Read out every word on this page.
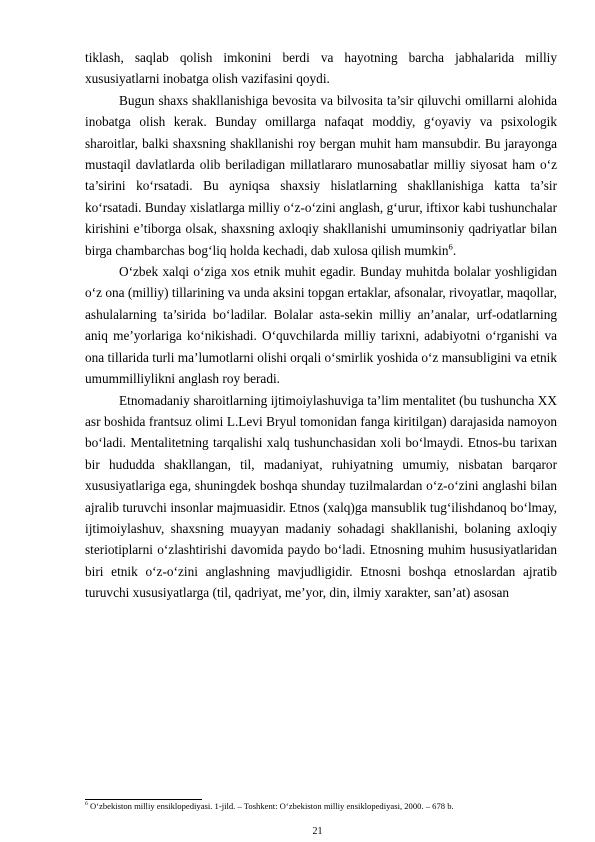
tiklash, saqlab qolish imkonini berdi va hayotning barcha jabhalarida milliy xususiyatlarni inobatga olish vazifasini qoydi.

Bugun shaxs shakllanishiga bevosita va bilvosita ta’sir qiluvchi omillarni alohida inobatga olish kerak. Bunday omillarga nafaqat moddiy, g‘oyaviy va psixologik sharoitlar, balki shaxsning shakllanishi roy bergan muhit ham mansubdir. Bu jarayonga mustaqil davlatlarda olib beriladigan millatlararo munosabatlar milliy siyosat ham o‘z ta’sirini ko‘rsatadi. Bu ayniqsa shaxsiy hislatlarning shakllanishiga katta ta’sir ko‘rsatadi. Bunday xislatlarga milliy o‘z-o‘zini anglash, g‘urur, iftixor kabi tushunchalar kirishini e’tiborga olsak, shaxsning axloqiy shakllanishi umuminsoniy qadriyatlar bilan birga chambarchas bog‘liq holda kechadi, dab xulosa qilish mumkin$^6$.

O‘zbek xalqi o‘ziga xos etnik muhit egadir. Bunday muhitda bolalar yoshligidan o‘z ona (milliy) tillarining va unda aksini topgan ertaklar, afsonalar, rivoyatlar, maqollar, ashulalarning ta’sirida bo‘ladilar. Bolalar asta-sekin milliy an’analar, urf-odatlarning aniq me’yorlariga ko‘nikishadi. O‘quvchilarda milliy tarixni, adabiyotni o‘rganishi va ona tillarida turli ma’lumotlarni olishi orqali o‘smirlik yoshida o‘z mansubligini va etnik umummilliylikni anglash roy beradi.

Etnomadaniy sharoitlarning ijtimoiylashuviga ta’lim mentalitet (bu tushuncha XX asr boshida frantsuz olimi L.Levi Bryul tomonidan fanga kiritilgan) darajasida namoyon bo‘ladi. Mentalitetning tarqalishi xalq tushunchasidan xoli bo‘lmaydi. Etnos-bu tarixan bir hududda shakllangan, til, madaniyat, ruhiyatning umumiy, nisbatan barqaror xususiyatlariga ega, shuningdek boshqa shunday tuzilmalardan o‘z-o‘zini anglashi bilan ajralib turuvchi insonlar majmuasidir. Etnos (xalq)ga mansublik tug‘ilishdanoq bo‘lmay, ijtimoiylashuv, shaxsning muayyan madaniy sohadagi shakllanishi, bolaning axloqiy steriotiplarni o‘zlashtirishi davomida paydo bo‘ladi. Etnosning muhim hususiyatlaridan biri etnik o‘z-o‘zini anglashning mavjudligidir. Etnosni boshqa etnoslardan ajratib turuvchi xususiyatlarga (til, qadriyat, me’yor, din, ilmiy xarakter, san’at) asosan

$^6$ O‘zbekiston milliy ensiklopediyasi. 1-jild. – Toshkent: O‘zbekiston milliy ensiklopediyasi, 2000. – 678 b.
21
